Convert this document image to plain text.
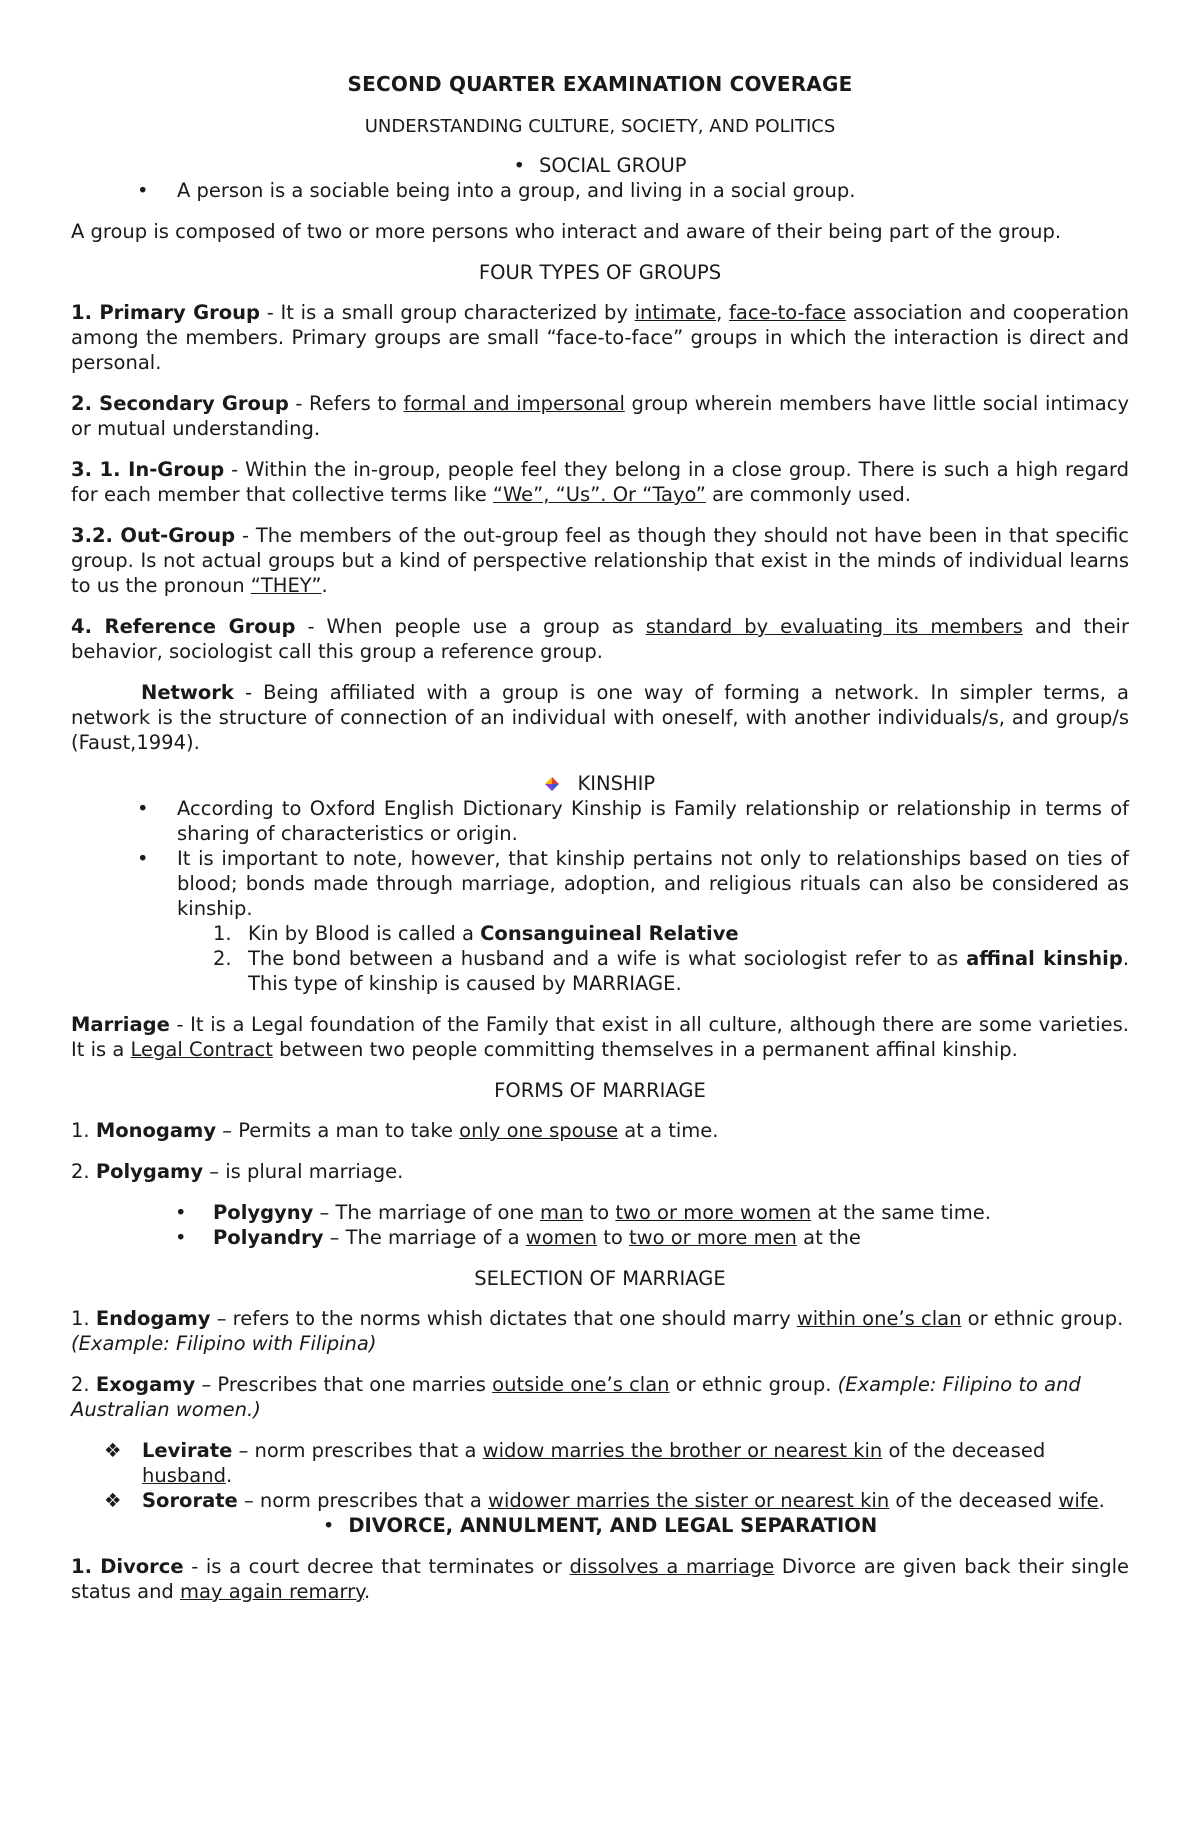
SECOND QUARTER EXAMINATION COVERAGE

UNDERSTANDING CULTURE, SOCIETY, AND POLITICS

• SOCIAL GROUP

• A person is a sociable being into a group, and living in a social group.

A group is composed of two or more persons who interact and aware of their being part of the group.

FOUR TYPES OF GROUPS

1. Primary Group - It is a small group characterized by intimate, face-to-face association and cooperation among the members. Primary groups are small “face-to-face” groups in which the interaction is direct and personal.

2. Secondary Group - Refers to formal and impersonal group wherein members have little social intimacy or mutual understanding.

3. 1. In-Group - Within the in-group, people feel they belong in a close group. There is such a high regard for each member that collective terms like “We”, “Us”. Or “Tayo” are commonly used.

3.2. Out-Group - The members of the out-group feel as though they should not have been in that specific group. Is not actual groups but a kind of perspective relationship that exist in the minds of individual learns to us the pronoun “THEY”.

4. Reference Group - When people use a group as standard by evaluating its members and their behavior, sociologist call this group a reference group.

Network - Being affiliated with a group is one way of forming a network. In simpler terms, a network is the structure of connection of an individual with oneself, with another individuals/s, and group/s (Faust,1994).

KINSHIP

• According to Oxford English Dictionary Kinship is Family relationship or relationship in terms of sharing of characteristics or origin.

• It is important to note, however, that kinship pertains not only to relationships based on ties of blood; bonds made through marriage, adoption, and religious rituals can also be considered as kinship.

1. Kin by Blood is called a Consanguineal Relative

2. The bond between a husband and a wife is what sociologist refer to as affinal kinship. This type of kinship is caused by MARRIAGE.

Marriage - It is a Legal foundation of the Family that exist in all culture, although there are some varieties. It is a Legal Contract between two people committing themselves in a permanent affinal kinship.

FORMS OF MARRIAGE

1. Monogamy – Permits a man to take only one spouse at a time.

2. Polygamy – is plural marriage.

• Polygyny – The marriage of one man to two or more women at the same time.

• Polyandry – The marriage of a women to two or more men at the

SELECTION OF MARRIAGE

1. Endogamy – refers to the norms whish dictates that one should marry within one’s clan or ethnic group. (Example: Filipino with Filipina)

2. Exogamy – Prescribes that one marries outside one’s clan or ethnic group. (Example: Filipino to and Australian women.)

❖ Levirate – norm prescribes that a widow marries the brother or nearest kin of the deceased husband.

❖ Sororate – norm prescribes that a widower marries the sister or nearest kin of the deceased wife.

• DIVORCE, ANNULMENT, AND LEGAL SEPARATION

1. Divorce - is a court decree that terminates or dissolves a marriage Divorce are given back their single status and may again remarry.
